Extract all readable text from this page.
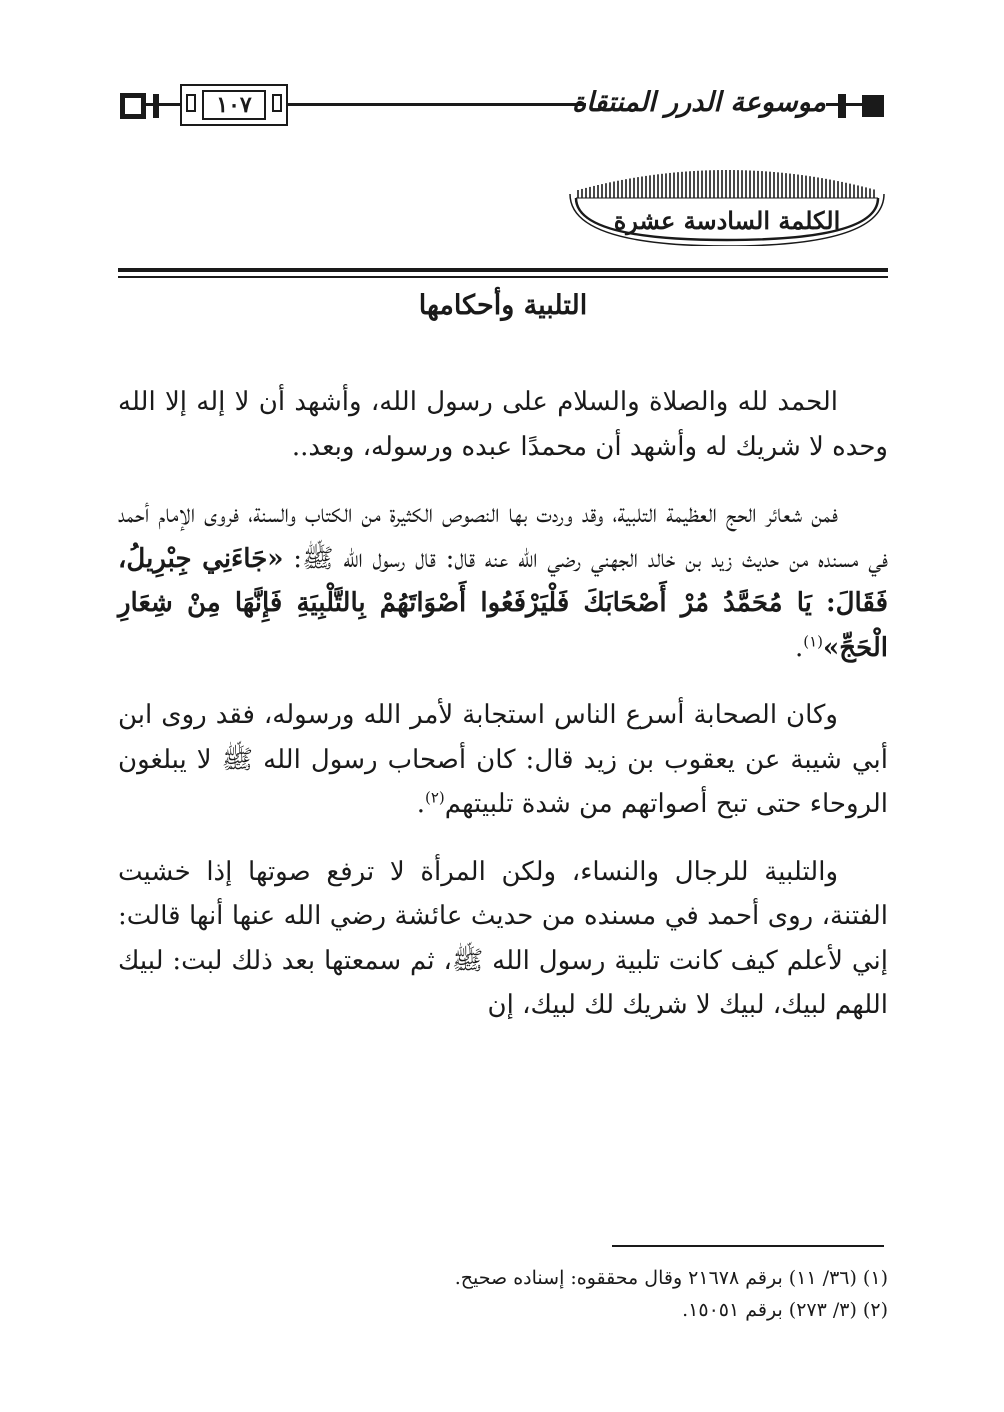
موسوعة الدرر المنتقاة
١٠٧
الكلمة السادسة عشرة
التلبية وأحكامها

الحمد لله والصلاة والسلام على رسول الله، وأشهد أن لا إله إلا الله وحده لا شريك له وأشهد أن محمدًا عبده ورسوله، وبعد..

فمن شعائر الحج العظيمة التلبية، وقد وردت بها النصوص الكثيرة من الكتاب والسنة، فروى الإمام أحمد في مسنده من حديث زيد بن خالد الجهني رضي الله عنه قال: قال رسول الله ﷺ: «جَاءَنِي جِبْرِيلُ، فَقَالَ: يَا مُحَمَّدُ مُرْ أَصْحَابَكَ فَلْيَرْفَعُوا أَصْوَاتَهُمْ بِالتَّلْبِيَةِ فَإِنَّهَا مِنْ شِعَارِ الْحَجِّ»$^{(١)}$.

وكان الصحابة أسرع الناس استجابة لأمر الله ورسوله، فقد روى ابن أبي شيبة عن يعقوب بن زيد قال: كان أصحاب رسول الله ﷺ لا يبلغون الروحاء حتى تبح أصواتهم من شدة تلبيتهم$^{(٢)}$.

والتلبية للرجال والنساء، ولكن المرأة لا ترفع صوتها إذا خشيت الفتنة، روى أحمد في مسنده من حديث عائشة رضي الله عنها أنها قالت: إني لأعلم كيف كانت تلبية رسول الله ﷺ، ثم سمعتها بعد ذلك لبت: لبيك اللهم لبيك، لبيك لا شريك لك لبيك، إن

(١) (٣٦/ ١١) برقم ٢١٦٧٨ وقال محققوه: إسناده صحيح.
(٢) (٣/ ٢٧٣) برقم ١٥٠٥١.
